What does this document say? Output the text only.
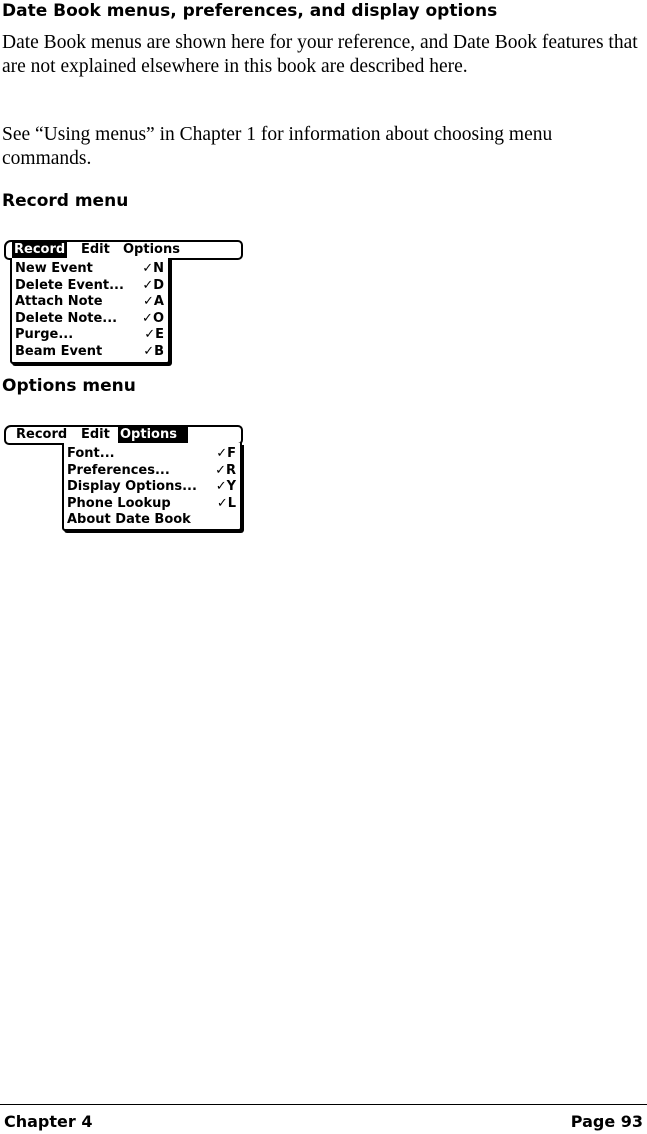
Date Book menus, preferences, and display options
Date Book menus are shown here for your reference, and Date Book features that are not explained elsewhere in this book are described here.
See “Using menus” in Chapter 1 for information about choosing menu commands.
Record menu
Record Edit Options
New Event	✓N
Delete Event... ✓D
Attach Note	✓A
Delete Note... ✓O
Purge...	✓E
Beam Event	✓B
Options menu
Record Edit Options
Font...	✓F
Preferences...	✓R
Display Options... ✓Y
Phone Lookup	✓L
About Date Book
Chapter 4	Page 93
